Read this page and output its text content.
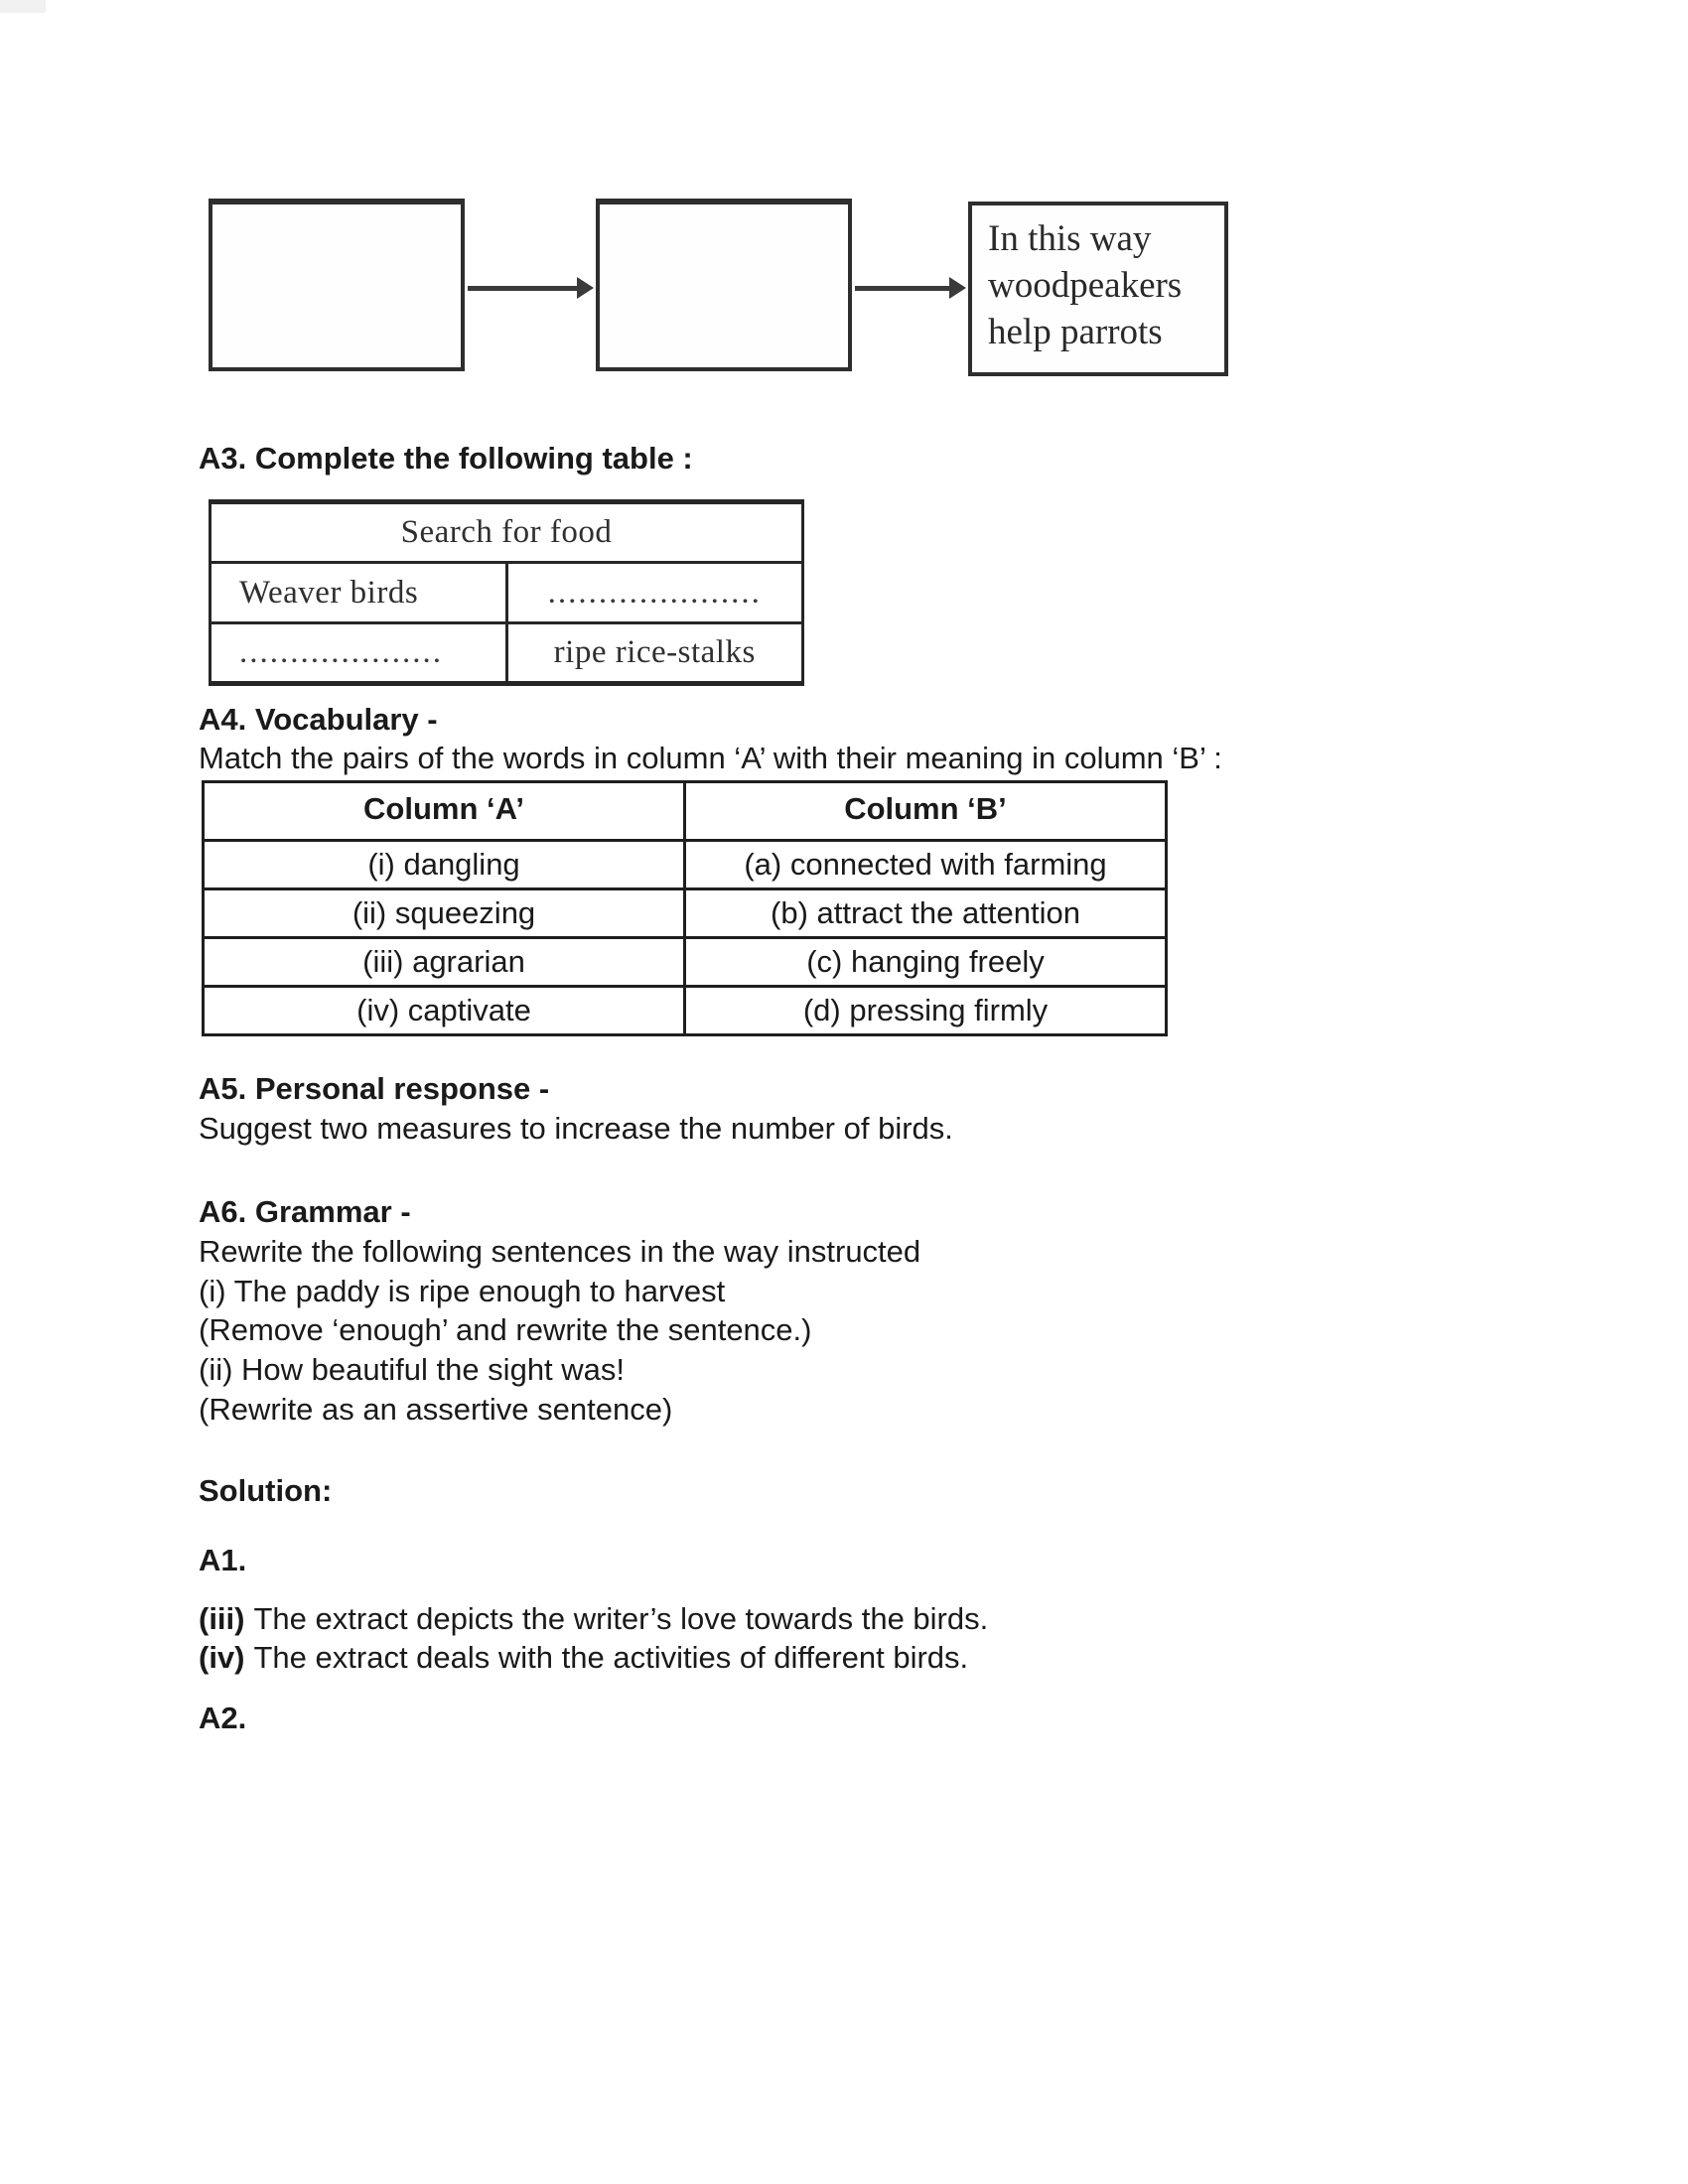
In this way woodpeakers help parrots
A3. Complete the following table :
Search for food	
Weaver birds	.....................
....................	ripe rice-stalks
A4. Vocabulary -
Match the pairs of the words in column ‘A’ with their meaning in column ‘B’ :
Column ‘A’	Column ‘B’
(i) dangling	(a) connected with farming
(ii) squeezing	(b) attract the attention
(iii) agrarian	(c) hanging freely
(iv) captivate	(d) pressing firmly
A5. Personal response -
Suggest two measures to increase the number of birds.
A6. Grammar -
Rewrite the following sentences in the way instructed
(i) The paddy is ripe enough to harvest
(Remove ‘enough’ and rewrite the sentence.)
(ii) How beautiful the sight was!
(Rewrite as an assertive sentence)
Solution:
A1.
(iii) The extract depicts the writer’s love towards the birds.
(iv) The extract deals with the activities of different birds.
A2.
